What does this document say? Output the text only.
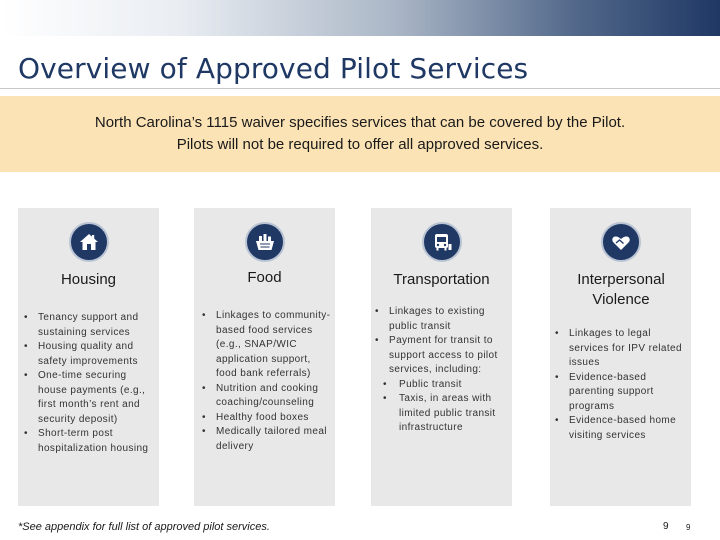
Overview of Approved Pilot Services

North Carolina’s 1115 waiver specifies services that can be covered by the Pilot.

Pilots will not be required to offer all approved services.

Housing
• Tenancy support and sustaining services
• Housing quality and safety improvements
• One-time securing house payments (e.g., first month’s rent and security deposit)
• Short-term post hospitalization housing
Food
• Linkages to community-based food services (e.g., SNAP/WIC application support, food bank referrals)
• Nutrition and cooking coaching/counseling
• Healthy food boxes
• Medically tailored meal delivery
Transportation
• Linkages to existing public transit
• Payment for transit to support access to pilot services, including:
• Public transit
• Taxis, in areas with limited public transit infrastructure
Interpersonal Violence
• Linkages to legal services for IPV related issues
• Evidence-based parenting support programs
• Evidence-based home visiting services
*See appendix for full list of approved pilot services.	9 9
